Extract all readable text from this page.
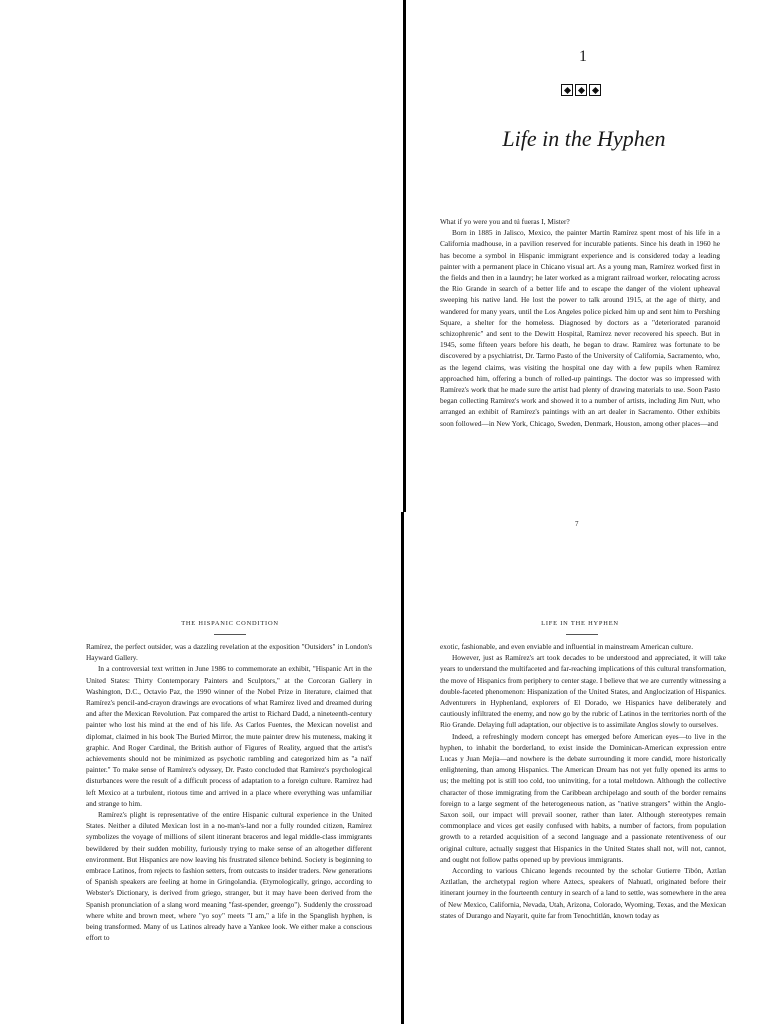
1
Life in the Hyphen

What if yo were you and tú fueras I, Mister?

Born in 1885 in Jalisco, Mexico, the painter Martín Ramírez spent most of his life in a California madhouse, in a pavilion reserved for incurable patients. Since his death in 1960 he has become a symbol in Hispanic immigrant experience and is considered today a leading painter with a permanent place in Chicano visual art. As a young man, Ramírez worked first in the fields and then in a laundry; he later worked as a migrant railroad worker, relocating across the Rio Grande in search of a better life and to escape the danger of the violent upheaval sweeping his native land. He lost the power to talk around 1915, at the age of thirty, and wandered for many years, until the Los Angeles police picked him up and sent him to Pershing Square, a shelter for the homeless. Diagnosed by doctors as a "deteriorated paranoid schizophrenic" and sent to the Dewitt Hospital, Ramírez never recovered his speech. But in 1945, some fifteen years before his death, he began to draw. Ramírez was fortunate to be discovered by a psychiatrist, Dr. Tarmo Pasto of the University of California, Sacramento, who, as the legend claims, was visiting the hospital one day with a few pupils when Ramírez approached him, offering a bunch of rolled-up paintings. The doctor was so impressed with Ramírez's work that he made sure the artist had plenty of drawing materials to use. Soon Pasto began collecting Ramírez's work and showed it to a number of artists, including Jim Nutt, who arranged an exhibit of Ramírez's paintings with an art dealer in Sacramento. Other exhibits soon followed—in New York, Chicago, Sweden, Denmark, Houston, among other places—and

7
THE HISPANIC CONDITION	LIFE IN THE HYPHEN

Ramírez, the perfect outsider, was a dazzling revelation at the exposition "Outsiders" in London's Hayward Gallery.

In a controversial text written in June 1986 to commemorate an exhibit, "Hispanic Art in the United States: Thirty Contemporary Painters and Sculptors," at the Corcoran Gallery in Washington, D.C., Octavio Paz, the 1990 winner of the Nobel Prize in literature, claimed that Ramírez's pencil-and-crayon drawings are evocations of what Ramírez lived and dreamed during and after the Mexican Revolution. Paz compared the artist to Richard Dadd, a nineteenth-century painter who lost his mind at the end of his life. As Carlos Fuentes, the Mexican novelist and diplomat, claimed in his book The Buried Mirror, the mute painter drew his muteness, making it graphic. And Roger Cardinal, the British author of Figures of Reality, argued that the artist's achievements should not be minimized as psychotic rambling and categorized him as "a naïf painter." To make sense of Ramírez's odyssey, Dr. Pasto concluded that Ramírez's psychological disturbances were the result of a difficult process of adaptation to a foreign culture. Ramírez had left Mexico at a turbulent, riotous time and arrived in a place where everything was unfamiliar and strange to him.

Ramírez's plight is representative of the entire Hispanic cultural experience in the United States. Neither a diluted Mexican lost in a no-man's-land nor a fully rounded citizen, Ramírez symbolizes the voyage of millions of silent itinerant braceros and legal middle-class immigrants bewildered by their sudden mobility, furiously trying to make sense of an altogether different environment. But Hispanics are now leaving his frustrated silence behind. Society is beginning to embrace Latinos, from rejects to fashion setters, from outcasts to insider traders. New generations of Spanish speakers are feeling at home in Gringolandia. (Etymologically, gringo, according to Webster's Dictionary, is derived from griego, stranger, but it may have been derived from the Spanish pronunciation of a slang word meaning "fast-spender, greengo"). Suddenly the crossroad where white and brown meet, where "yo soy" meets "I am," a life in the Spanglish hyphen, is being transformed. Many of us Latinos already have a Yankee look. We either make a conscious effort to

exotic, fashionable, and even enviable and influential in mainstream American culture.

However, just as Ramírez's art took decades to be understood and appreciated, it will take years to understand the multifaceted and far-reaching implications of this cultural transformation, the move of Hispanics from periphery to center stage. I believe that we are currently witnessing a double-faceted phenomenon: Hispanization of the United States, and Anglocization of Hispanics. Adventurers in Hyphenland, explorers of El Dorado, we Hispanics have deliberately and cautiously infiltrated the enemy, and now go by the rubric of Latinos in the territories north of the Rio Grande. Delaying full adaptation, our objective is to assimilate Anglos slowly to ourselves.

Indeed, a refreshingly modern concept has emerged before American eyes—to live in the hyphen, to inhabit the borderland, to exist inside the Dominican-American expression entre Lucas y Juan Mejía—and nowhere is the debate surrounding it more candid, more historically enlightening, than among Hispanics. The American Dream has not yet fully opened its arms to us; the melting pot is still too cold, too uninviting, for a total meltdown. Although the collective character of those immigrating from the Caribbean archipelago and south of the border remains foreign to a large segment of the heterogeneous nation, as "native strangers" within the Anglo-Saxon soil, our impact will prevail sooner, rather than later. Although stereotypes remain commonplace and vices get easily confused with habits, a number of factors, from population growth to a retarded acquisition of a second language and a passionate retentiveness of our original culture, actually suggest that Hispanics in the United States shall not, will not, cannot, and ought not follow paths opened up by previous immigrants.

According to various Chicano legends recounted by the scholar Gutierre Tibón, Aztlan Aztlatlan, the archetypal region where Aztecs, speakers of Nahuatl, originated before their itinerant journey in the fourteenth century in search of a land to settle, was somewhere in the area of New Mexico, California, Nevada, Utah, Arizona, Colorado, Wyoming, Texas, and the Mexican states of Durango and Nayarit, quite far from Tenochtitlán, known today as
